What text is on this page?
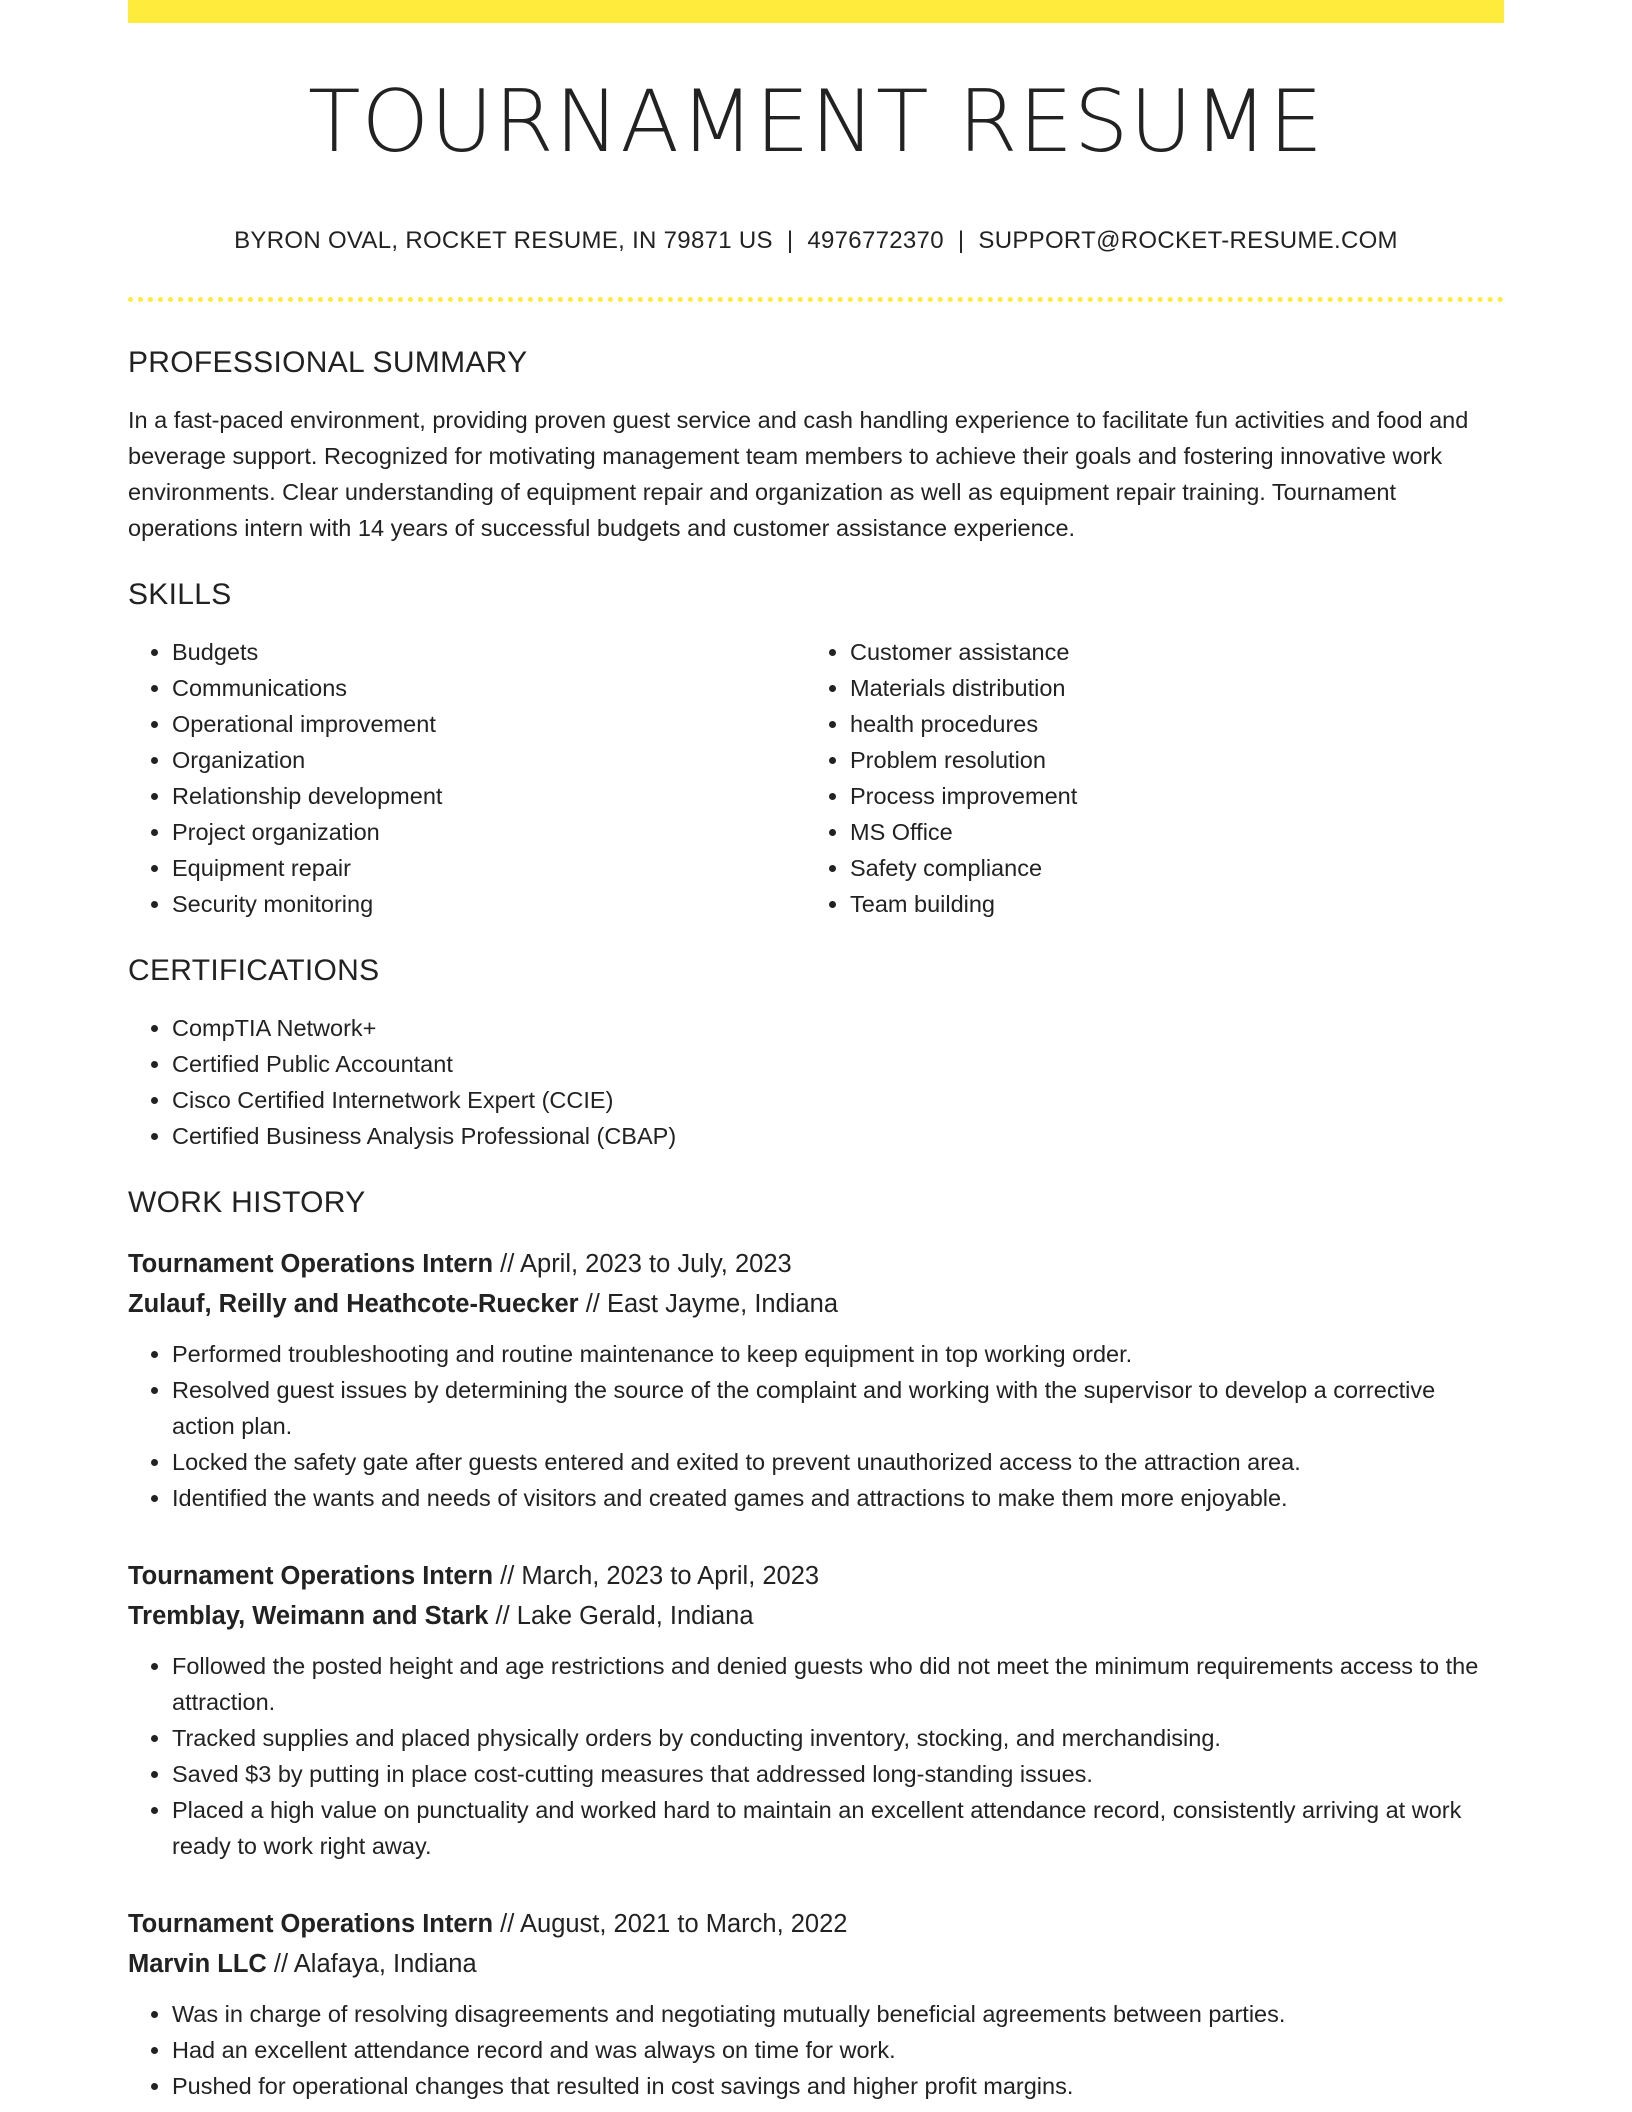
TOURNAMENT RESUME
BYRON OVAL, ROCKET RESUME, IN 79871 US | 4976772370 | SUPPORT@ROCKET-RESUME.COM
PROFESSIONAL SUMMARY
In a fast-paced environment, providing proven guest service and cash handling experience to facilitate fun activities and food and beverage support. Recognized for motivating management team members to achieve their goals and fostering innovative work environments. Clear understanding of equipment repair and organization as well as equipment repair training. Tournament operations intern with 14 years of successful budgets and customer assistance experience.
SKILLS
• Budgets
• Communications
• Operational improvement
• Organization
• Relationship development
• Project organization
• Equipment repair
• Security monitoring
• Customer assistance
• Materials distribution
• health procedures
• Problem resolution
• Process improvement
• MS Office
• Safety compliance
• Team building
CERTIFICATIONS
• CompTIA Network+
• Certified Public Accountant
• Cisco Certified Internetwork Expert (CCIE)
• Certified Business Analysis Professional (CBAP)
WORK HISTORY
Tournament Operations Intern // April, 2023 to July, 2023
Zulauf, Reilly and Heathcote-Ruecker // East Jayme, Indiana
• Performed troubleshooting and routine maintenance to keep equipment in top working order.
• Resolved guest issues by determining the source of the complaint and working with the supervisor to develop a corrective action plan.
• Locked the safety gate after guests entered and exited to prevent unauthorized access to the attraction area.
• Identified the wants and needs of visitors and created games and attractions to make them more enjoyable.
Tournament Operations Intern // March, 2023 to April, 2023
Tremblay, Weimann and Stark // Lake Gerald, Indiana
• Followed the posted height and age restrictions and denied guests who did not meet the minimum requirements access to the attraction.
• Tracked supplies and placed physically orders by conducting inventory, stocking, and merchandising.
• Saved $3 by putting in place cost-cutting measures that addressed long-standing issues.
• Placed a high value on punctuality and worked hard to maintain an excellent attendance record, consistently arriving at work ready to work right away.
Tournament Operations Intern // August, 2021 to March, 2022
Marvin LLC // Alafaya, Indiana
• Was in charge of resolving disagreements and negotiating mutually beneficial agreements between parties.
• Had an excellent attendance record and was always on time for work.
• Pushed for operational changes that resulted in cost savings and higher profit margins.
